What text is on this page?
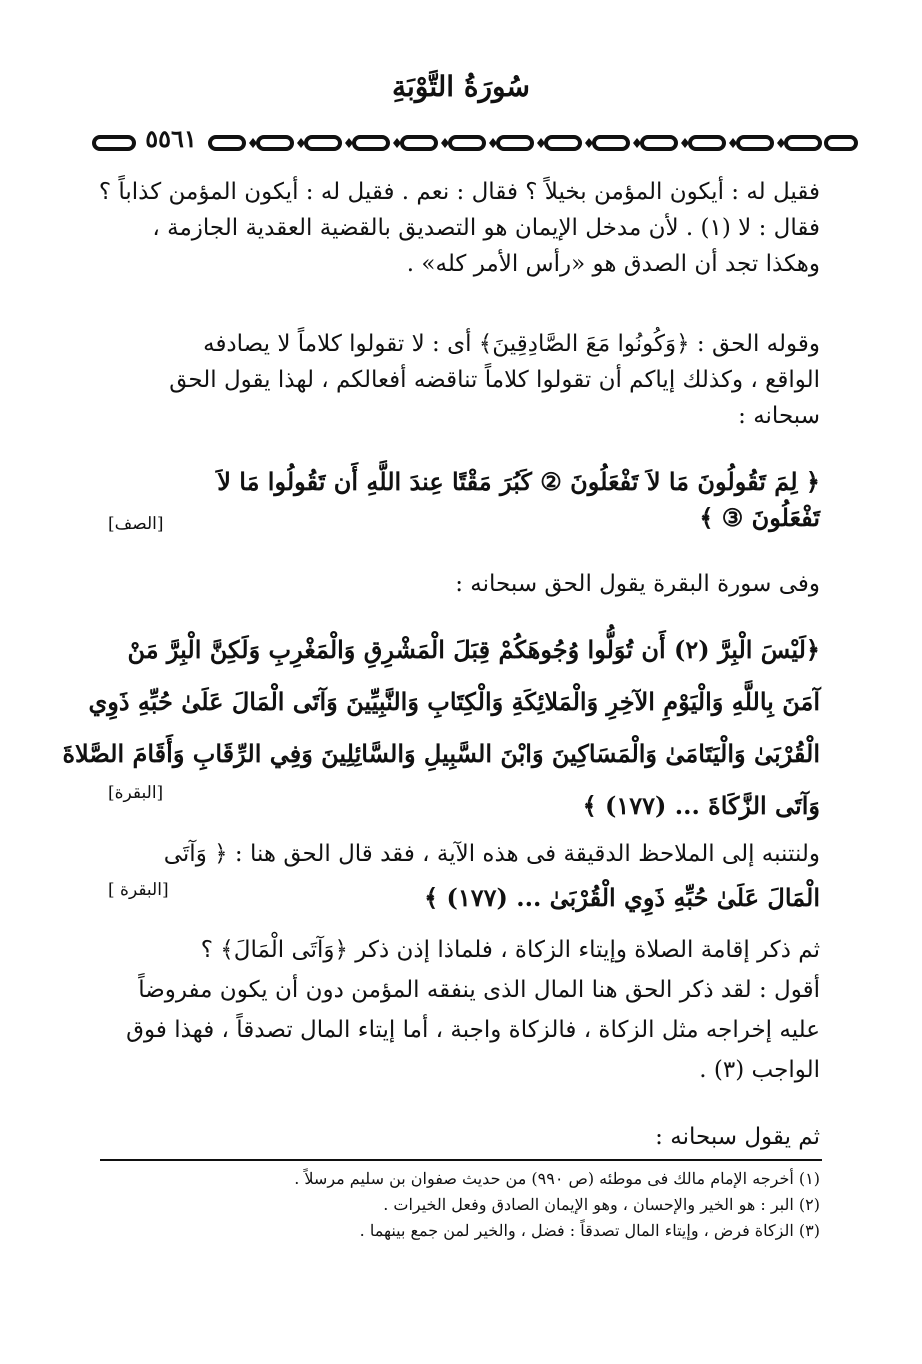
سُورَةُ التَّوْبَةِ
٥٥٦١
فقيل له : أيكون المؤمن بخيلاً ؟ فقال : نعم . فقيل له : أيكون المؤمن كذاباً ؟
فقال : لا (١) . لأن مدخل الإيمان هو التصديق بالقضية العقدية الجازمة ،
وهكذا تجد أن الصدق هو «رأس الأمر كله» .
وقوله الحق : ﴿وَكُونُوا مَعَ الصَّادِقِينَ﴾ أى : لا تقولوا كلاماً لا يصادفه
الواقع ، وكذلك إياكم أن تقولوا كلاماً تناقضه أفعالكم ، لهذا يقول الحق
سبحانه :
﴿ لِمَ تَقُولُونَ مَا لاَ تَفْعَلُونَ ② كَبُرَ مَقْتًا عِندَ اللَّهِ أَن تَقُولُوا مَا لاَ
تَفْعَلُونَ ③ ﴾
[الصف]
وفى سورة البقرة يقول الحق سبحانه :
﴿لَيْسَ الْبِرَّ (٢) أَن تُوَلُّوا وُجُوهَكُمْ قِبَلَ الْمَشْرِقِ وَالْمَغْرِبِ وَلَكِنَّ الْبِرَّ مَنْ
آمَنَ بِاللَّهِ وَالْيَوْمِ الآخِرِ وَالْمَلائِكَةِ وَالْكِتَابِ وَالنَّبِيِّينَ وَآتَى الْمَالَ عَلَىٰ حُبِّهِ ذَوِي
الْقُرْبَىٰ وَالْيَتَامَىٰ وَالْمَسَاكِينَ وَابْنَ السَّبِيلِ وَالسَّائِلِينَ وَفِي الرِّقَابِ وَأَقَامَ الصَّلاةَ
وَآتَى الزَّكَاةَ ... (١٧٧) ﴾
[البقرة]
ولنتنبه إلى الملاحظ الدقيقة فى هذه الآية ، فقد قال الحق هنا : ﴿ وَآتَى
الْمَالَ عَلَىٰ حُبِّهِ ذَوِي الْقُرْبَىٰ ... (١٧٧) ﴾
[البقرة ]
ثم ذكر إقامة الصلاة وإيتاء الزكاة ، فلماذا إذن ذكر ﴿وَآتَى الْمَالَ﴾ ؟
أقول : لقد ذكر الحق هنا المال الذى ينفقه المؤمن دون أن يكون مفروضاً
عليه إخراجه مثل الزكاة ، فالزكاة واجبة ، أما إيتاء المال تصدقاً ، فهذا فوق
الواجب (٣) .
ثم يقول سبحانه :
(١) أخرجه الإمام مالك فى موطئه (ص ٩٩٠) من حديث صفوان بن سليم مرسلاً .
(٢) البر : هو الخير والإحسان ، وهو الإيمان الصادق وفعل الخيرات .
(٣) الزكاة فرض ، وإيتاء المال تصدقاً : فضل ، والخير لمن جمع بينهما .
